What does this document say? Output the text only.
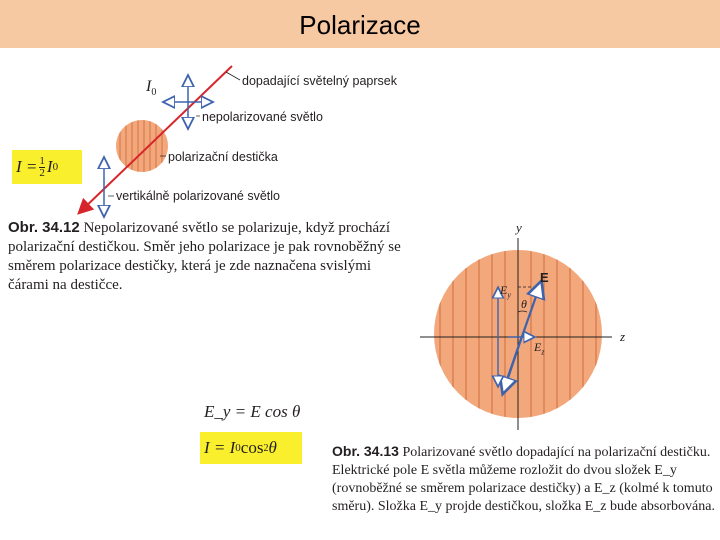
Polarizace
$I_0$
dopadající světelný paprsek
nepolarizované světlo
polarizační destička
vertikálně polarizované světlo
$I = \frac{1}{2}$ I 0
Obr. 34.12 Nepolarizované světlo se polarizuje, když prochází polarizační destičkou. Směr jeho polarizace je pak rovnoběžný se směrem polarizace destičky, která je zde naznačena svislými čárami na destičce.
y
z
E
$E_y$
$E_z$
θ
E_y = E cos θ
I = I 0 cos 2 θ	Obr. 34.13 Polarizované světlo dopadající na polarizační destičku. Elektrické pole E světla můžeme rozložit do dvou složek E_y (rovnoběžné se směrem polarizace destičky) a E_z (kolmé k tomuto směru). Složka E_y projde destičkou, složka E_z bude absorbována.
